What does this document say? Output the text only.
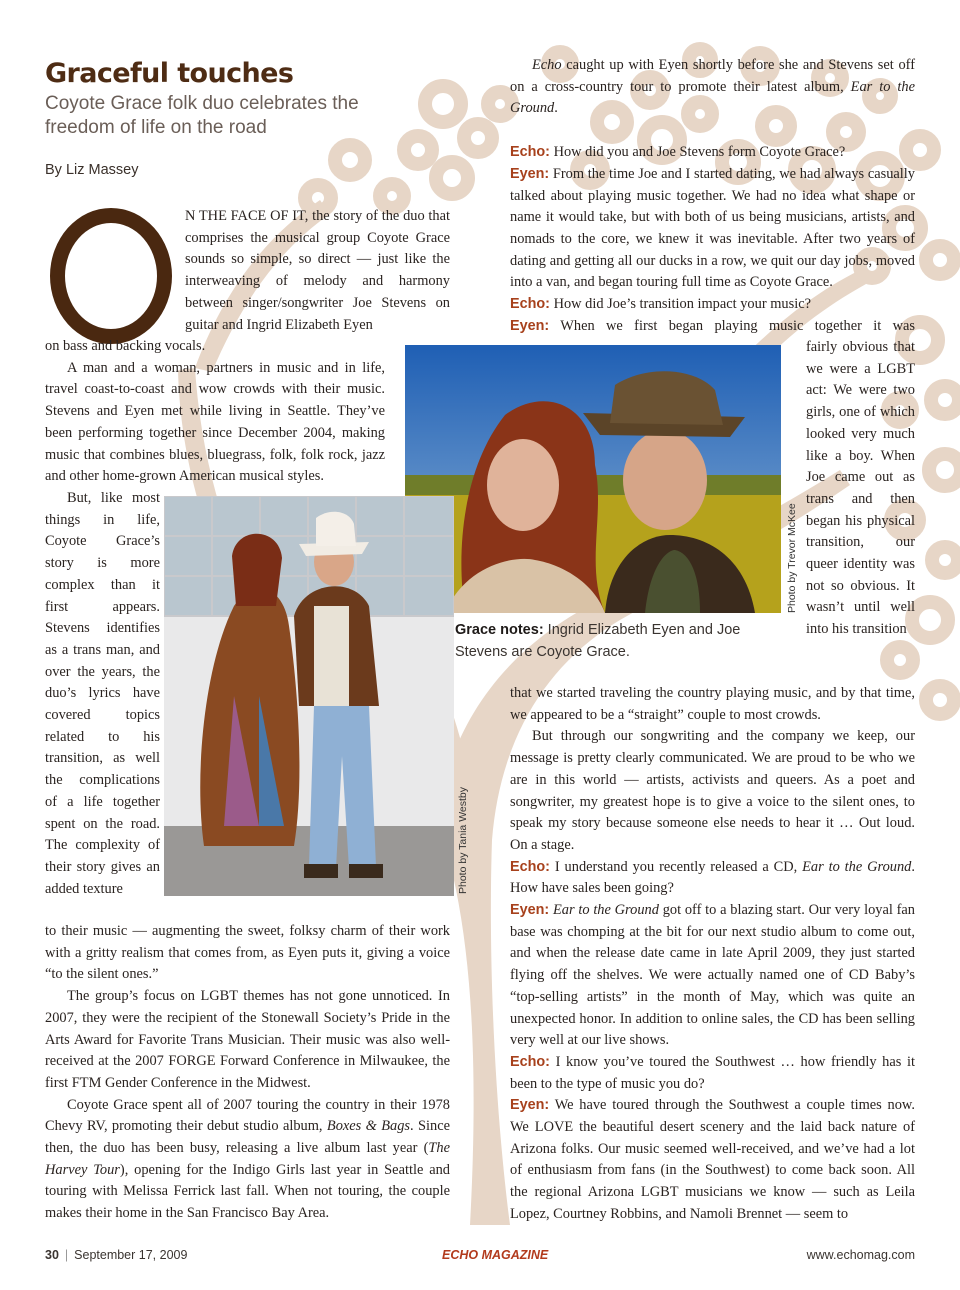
Graceful touches

Coyote Grace folk duo celebrates the freedom of life on the road

By Liz Massey

N THE FACE OF IT, the story of the duo that comprises the musical group Coyote Grace sounds so simple, so direct — just like the interweaving of melody and harmony between singer/songwriter Joe Stevens on guitar and Ingrid Elizabeth Eyen

on bass and backing vocals.

A man and a woman, partners in music and in life, travel coast-to-coast and wow crowds with their music. Stevens and Eyen met while living in Seattle. They’ve been performing together since December 2004, making music that combines blues, bluegrass, folk, folk rock, jazz and other home-grown American musical styles.

But, like most things in life, Coyote Grace’s story is more complex than it first appears. Stevens identifies as a trans man, and over the years, the duo’s lyrics have covered topics related to his transition, as well the complications of a life together spent on the road. The complexity of their story gives an added texture

to their music — augmenting the sweet, folksy charm of their work with a gritty realism that comes from, as Eyen puts it, giving a voice “to the silent ones.”

The group’s focus on LGBT themes has not gone unnoticed. In 2007, they were the recipient of the Stonewall Society’s Pride in the Arts Award for Favorite Trans Musician. Their music was also well-received at the 2007 FORGE Forward Conference in Milwaukee, the first FTM Gender Conference in the Midwest.

Coyote Grace spent all of 2007 touring the country in their 1978 Chevy RV, promoting their debut studio album, Boxes & Bags. Since then, the duo has been busy, releasing a live album last year (The Harvey Tour), opening for the Indigo Girls last year in Seattle and touring with Melissa Ferrick last fall. When not touring, the couple makes their home in the San Francisco Bay Area.

Echo caught up with Eyen shortly before she and Stevens set off on a cross-country tour to promote their latest album, Ear to the Ground.

Echo: How did you and Joe Stevens form Coyote Grace?

Eyen: From the time Joe and I started dating, we had always casually talked about playing music together. We had no idea what shape or name it would take, but with both of us being musicians, artists, and nomads to the core, we knew it was inevitable. After two years of dating and getting all our ducks in a row, we quit our day jobs, moved into a van, and began touring full time as Coyote Grace.

Echo: How did Joe’s transition impact your music?

Eyen: When we first began playing music together it was

fairly obvious that we were a LGBT act: We were two girls, one of which looked very much like a boy. When Joe came out as trans and then began his physical transition, our queer identity was not so obvious. It wasn’t until well into his transition

that we started traveling the country playing music, and by that time, we appeared to be a “straight” couple to most crowds.

But through our songwriting and the company we keep, our message is pretty clearly communicated. We are proud to be who we are in this world — artists, activists and queers. As a poet and songwriter, my greatest hope is to give a voice to the silent ones, to speak my story because someone else needs to hear it … Out loud. On a stage.

Echo: I understand you recently released a CD, Ear to the Ground. How have sales been going?

Eyen: Ear to the Ground got off to a blazing start. Our very loyal fan base was chomping at the bit for our next studio album to come out, and when the release date came in late April 2009, they just started flying off the shelves. We were actually named one of CD Baby’s “top-selling artists” in the month of May, which was quite an unexpected honor. In addition to online sales, the CD has been selling very well at our live shows.

Echo: I know you’ve toured the Southwest … how friendly has it been to the type of music you do?

Eyen: We have toured through the Southwest a couple times now. We LOVE the beautiful desert scenery and the laid back nature of Arizona folks. Our music seemed well-received, and we’ve had a lot of enthusiasm from fans (in the Southwest) to come back soon. All the regional Arizona LGBT musicians we know — such as Leila Lopez, Courtney Robbins, and Namoli Brennet — seem to

Photo by Trevor McKee
Grace notes: Ingrid Elizabeth Eyen and Joe Stevens are Coyote Grace.
Photo by Tania Westby
30 | September 17, 2009	ECHO MAGAZINE	www.echomag.com
